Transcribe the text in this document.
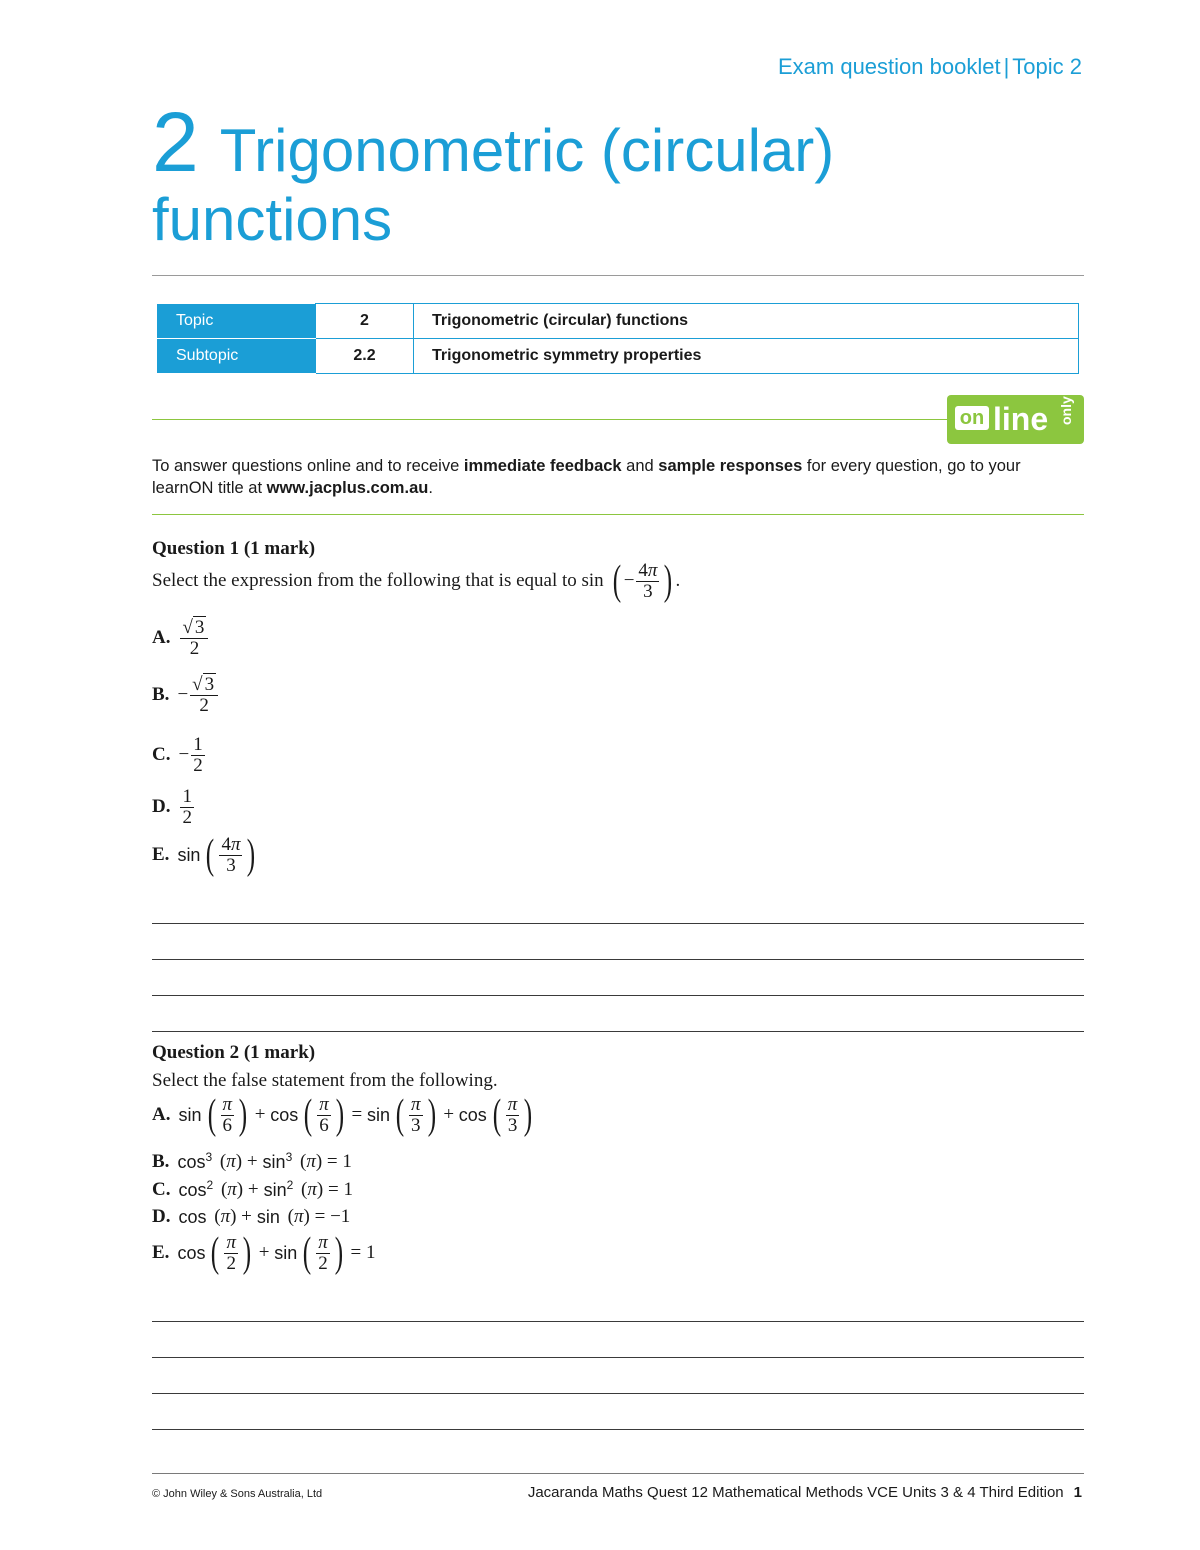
Exam question booklet | Topic 2
2 Trigonometric (circular)
functions
Topic	2	Trigonometric (circular) functions
Subtopic	2.2	Trigonometric symmetry properties
on line only
To answer questions online and to receive immediate feedback and sample responses for every question, go to your learnON title at www.jacplus.com.au.
Question 1 (1 mark)
Select the expression from the following that is equal to sin ( − $\frac{4\pi}{3}$ ) .
A. $\frac{√ 3}{2}$
B. − $\frac{√ 3}{2}$
C. − $\frac{1}{2}$
D. $\frac{1}{2}$
E. sin ( $\frac{4\pi}{3}$ )
Question 2 (1 mark)
Select the false statement from the following.
A. sin ( $\frac{\pi}{6}$ ) + cos ( $\frac{\pi}{6}$ ) = sin ( $\frac{\pi}{3}$ ) + cos ( $\frac{\pi}{3}$ )
B. $\cos^3 (\pi) + \sin^3 (\pi) = 1$
C. $\cos^2 (\pi) + \sin^2 (\pi) = 1$
D. cos (π) + sin (π) = −1
E. cos ( $\frac{\pi}{2}$ ) + sin ( $\frac{\pi}{2}$ ) = 1
© John Wiley & Sons Australia, Ltd	Jacaranda Maths Quest 12 Mathematical Methods VCE Units 3 & 4 Third Edition 1
